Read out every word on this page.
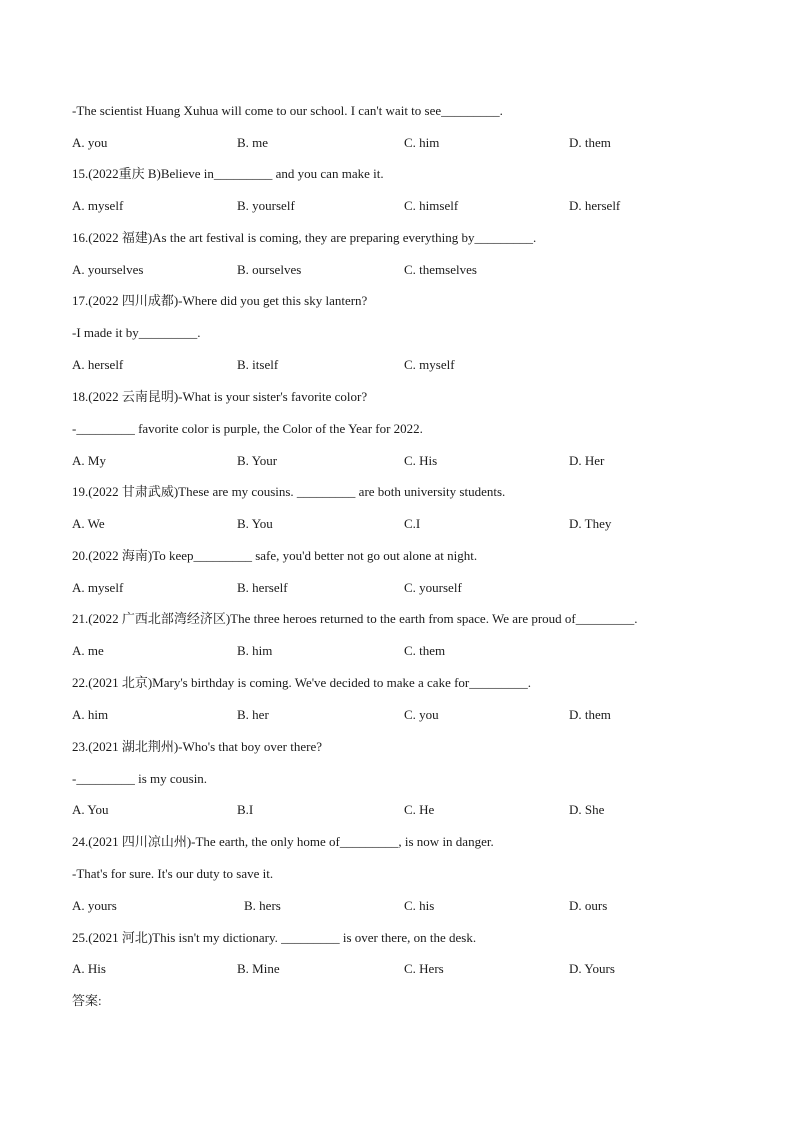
-The scientist Huang Xuhua will come to our school. I can't wait to see_________.
15.(2022重庆 B)Believe in_________ and you can make it.
16.(2022 福建)As the art festival is coming, they are preparing everything by_________.
17.(2022 四川成都)-Where did you get this sky lantern?
-I made it by_________.
18.(2022 云南昆明)-What is your sister's favorite color?
-_________ favorite color is purple, the Color of the Year for 2022.
19.(2022 甘肃武威)These are my cousins. _________ are both university students.
20.(2022 海南)To keep_________ safe, you'd better not go out alone at night.
21.(2022 广西北部湾经济区)The three heroes returned to the earth from space. We are proud of_________.
22.(2021 北京)Mary's birthday is coming. We've decided to make a cake for_________.
23.(2021 湖北荆州)-Who's that boy over there?
-_________ is my cousin.
24.(2021 四川凉山州)-The earth, the only home of_________, is now in danger.
-That's for sure. It's our duty to save it.
25.(2021 河北)This isn't my dictionary. _________ is over there, on the desk.
答案:
A. you	B. me	C. him	D. them
A. myself	B. yourself	C. himself	D. herself
A. yourselves	B. ourselves	C. themselves
A. herself	B. itself	C. myself
A. My	B. Your	C. His	D. Her
A. We	B. You	C.I	D. They
A. myself	B. herself	C. yourself
A. me	B. him	C. them
A. him	B. her	C. you	D. them
A. You	B.I	C. He	D. She
A. yours	B. hers	C. his	D. ours
A. His	B. Mine	C. Hers	D. Yours
